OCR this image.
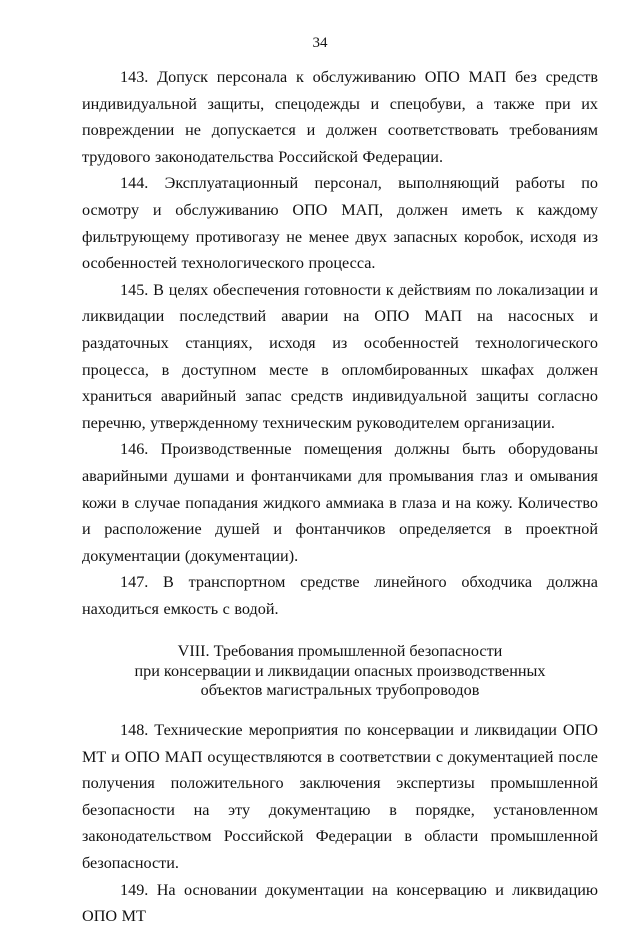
34

143. Допуск персонала к обслуживанию ОПО МАП без средств индивидуальной защиты, спецодежды и спецобуви, а также при их повреждении не допускается и должен соответствовать требованиям трудового законодательства Российской Федерации.

144. Эксплуатационный персонал, выполняющий работы по осмотру и обслуживанию ОПО МАП, должен иметь к каждому фильтрующему противогазу не менее двух запасных коробок, исходя из особенностей технологического процесса.

145. В целях обеспечения готовности к действиям по локализации и ликвидации последствий аварии на ОПО МАП на насосных и раздаточных станциях, исходя из особенностей технологического процесса, в доступном месте в опломбированных шкафах должен храниться аварийный запас средств индивидуальной защиты согласно перечню, утвержденному техническим руководителем организации.

146. Производственные помещения должны быть оборудованы аварийными душами и фонтанчиками для промывания глаз и омывания кожи в случае попадания жидкого аммиака в глаза и на кожу. Количество и расположение душей и фонтанчиков определяется в проектной документации (документации).

147. В транспортном средстве линейного обходчика должна находиться емкость с водой.

VIII. Требования промышленной безопасности
при консервации и ликвидации опасных производственных
объектов магистральных трубопроводов

148. Технические мероприятия по консервации и ликвидации ОПО МТ и ОПО МАП осуществляются в соответствии с документацией после получения положительного заключения экспертизы промышленной безопасности на эту документацию в порядке, установленном законодательством Российской Федерации в области промышленной безопасности.

149. На основании документации на консервацию и ликвидацию ОПО МТ
